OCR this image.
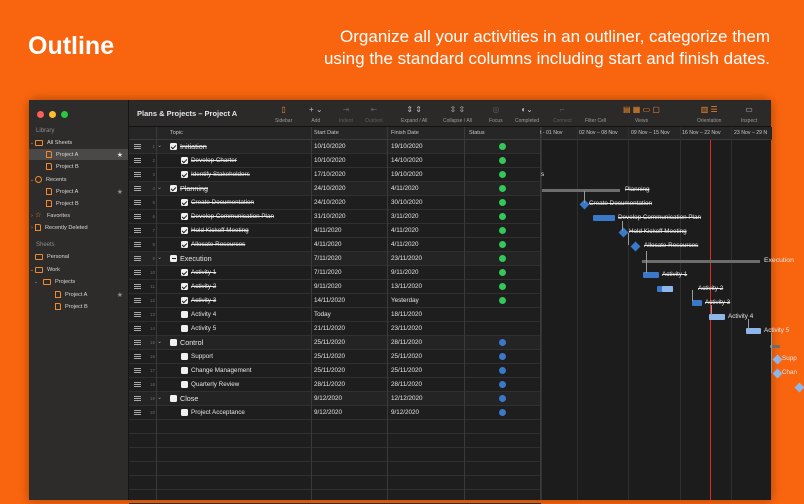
Outline	Organize all your activities in an outliner, categorize them using the standard columns including start and finish dates.
Library
⌄ All Sheets
Project A	★
Project B
⌄ Recents
Project A	★
Project B
› ☆	Favorites
›	Recently Deleted
Sheets
Personal
⌄ Work
⌄	Projects
Project A	★
Project B
Plans & Projects – Project A	▯
Sidebar
+ ⌄
Add
⇥
Indent
⇤
Outdent
⇕ ⇕
Expand / All
⇳ ⇳
Collapse / All
◎
Focus
◐⌄
Completed
⌐
Connect
	Filter Cell
▤ ▦ ▭ ▢
Views
▥ ☰
Orientation
▭
Inspect
Topic	Start Date	Finish Date	Status
1 ⌄ Initiation	10/10/2020	19/10/2020
2	Develop Charter	10/10/2020	14/10/2020
3	Identify Stakeholders	17/10/2020	19/10/2020
4 ⌄ Planning	24/10/2020	4/11/2020
5	Create Documentation	24/10/2020	30/10/2020
6	Develop Communication Plan	31/10/2020	3/11/2020
7	Hold Kickoff Meeting	4/11/2020	4/11/2020
8	Allocate Resources	4/11/2020	4/11/2020
9 ⌄ Execution	7/11/2020	23/11/2020
10	Activity 1	7/11/2020	9/11/2020
11	Activity 2	9/11/2020	13/11/2020
12	Activity 3	14/11/2020	Yesterday
13	Activity 4	Today	18/11/2020
14	Activity 5	21/11/2020	23/11/2020
15 ⌄ Control	25/11/2020	28/11/2020
16	Support	25/11/2020	25/11/2020
17	Change Management	25/11/2020	25/11/2020
18	Quarterly Review	28/11/2020	28/11/2020
19 ⌄ Close	9/12/2020	12/12/2020
20	Project Acceptance	9/12/2020	9/12/2020
t - 01 Nov	02 Nov – 08 Nov	09 Nov – 15 Nov 16 Nov – 22 Nov	23 Nov – 29 N
s
Planning
Create Documentation
Develop Communication Plan
Hold Kickoff Meeting
Allocate Resources
Execution
Activity 1
Activity 2
Activity 3
Activity 4
Activity 5
Supp
Chan
